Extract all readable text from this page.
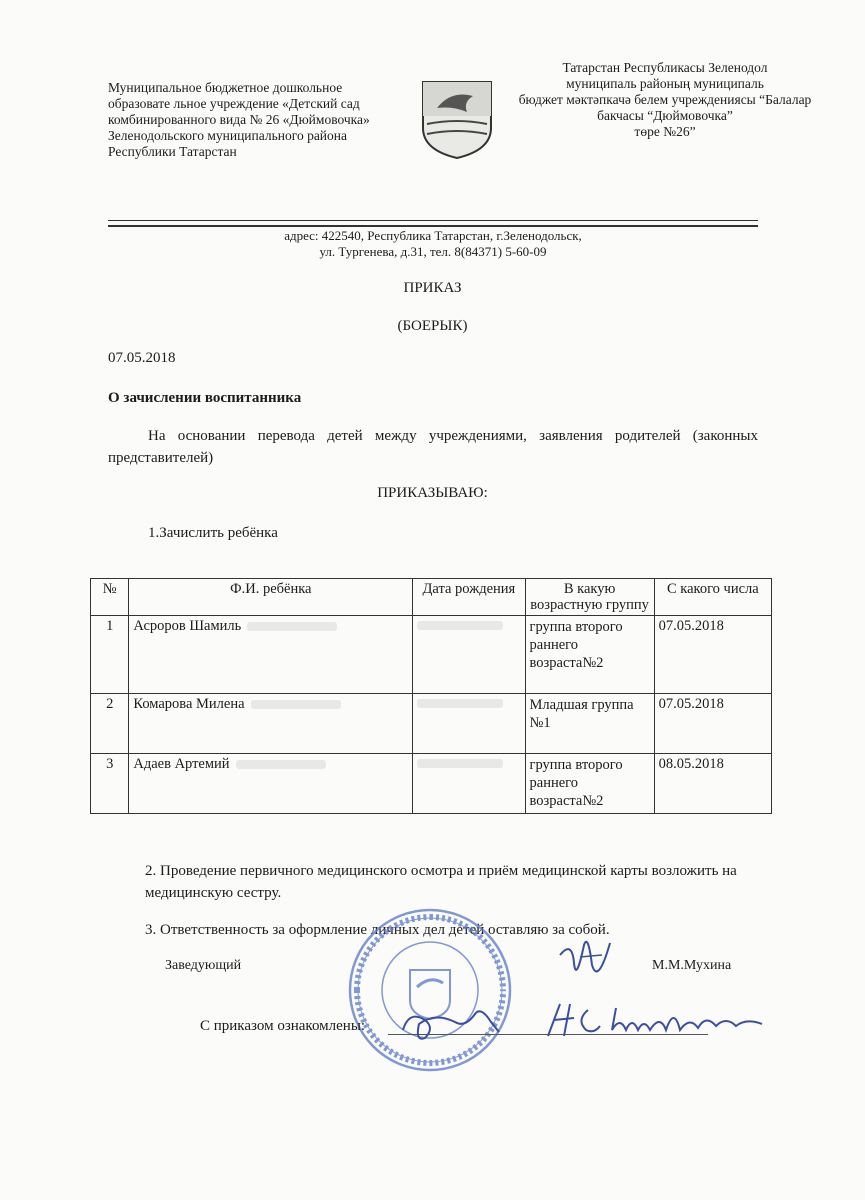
Муниципальное бюджетное дошкольное
образовате льное учреждение «Детский сад
комбинированного вида № 26 «Дюймовочка»
Зеленодольского муниципального района
Республики Татарстан
Татарстан Республикасы Зеленодол
муниципаль районың муниципаль
бюджет мәктәпкачә белем учреждениясы “Балалар
бакчасы “Дюймовочка”
төре №26”
адрес: 422540, Республика Татарстан, г.Зеленодольск,
ул. Тургенева, д.31, тел. 8(84371) 5-60-09
ПРИКАЗ
(БОЕРЫК)
07.05.2018
О зачислении воспитанника
На основании перевода детей между учреждениями, заявления родителей (законных представителей)
ПРИКАЗЫВАЮ:
1.Зачислить ребёнка
№	Ф.И. ребёнка	Дата рождения	В какую возрастную группу	С какого числа
1	Асроров Шамиль		группа второго раннего возраста№2	07.05.2018
2	Комарова Милена		Младшая группа №1	07.05.2018
3	Адаев Артемий		группа второго раннего возраста№2	08.05.2018
2. Проведение первичного медицинского осмотра и приём медицинской карты возложить на медицинскую сестру.
3. Ответственность за оформление личных дел детей оставляю за собой.
Заведующий	М.М.Мухина
С приказом ознакомлены:
